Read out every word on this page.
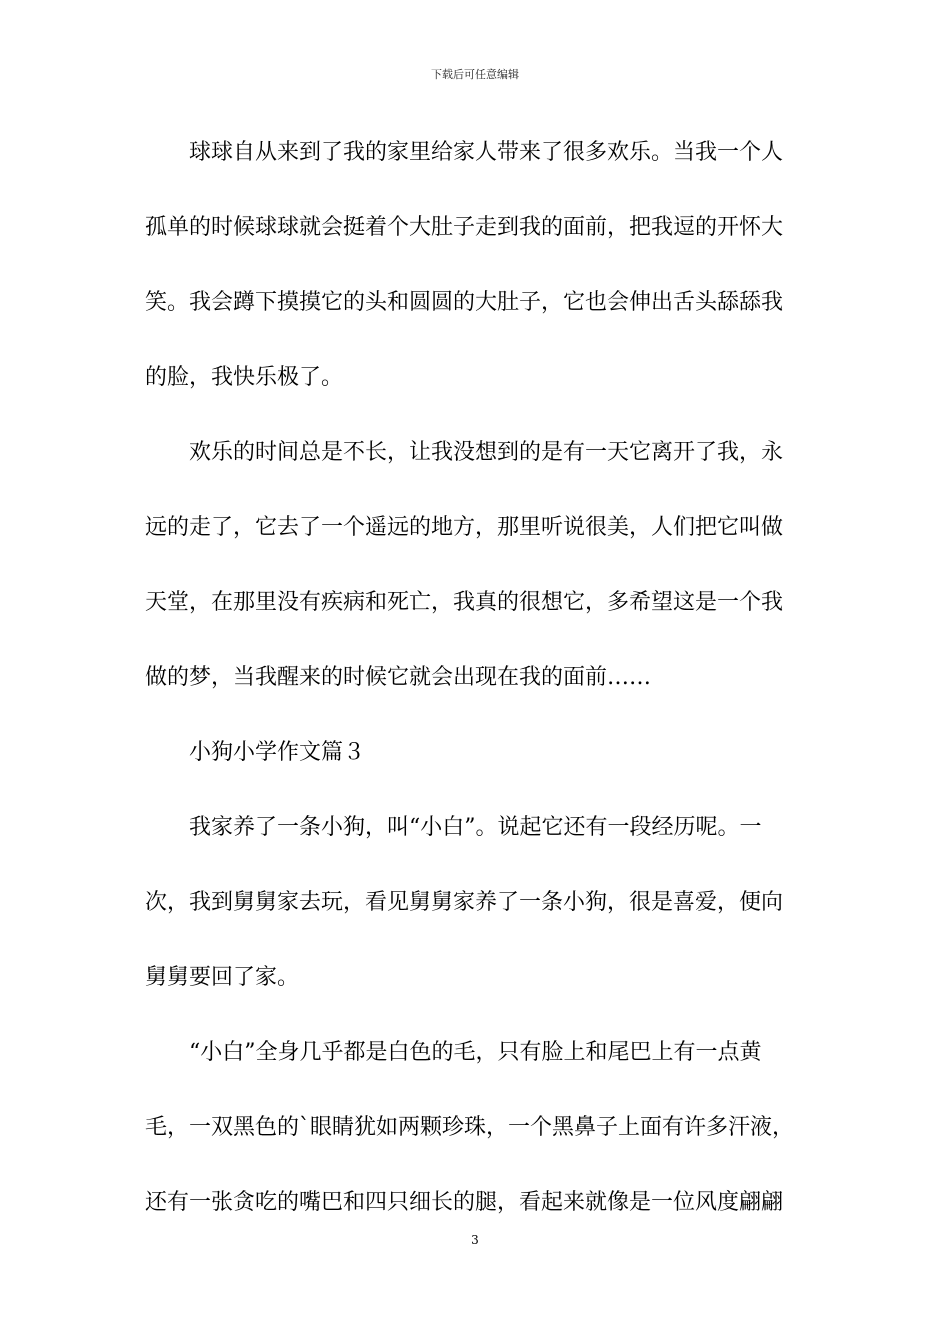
下载后可任意编辑
　　球球自从来到了我的家里给家人带来了很多欢乐。当我一个人
孤单的时候球球就会挺着个大肚子走到我的面前，把我逗的开怀大
笑。我会蹲下摸摸它的头和圆圆的大肚子，它也会伸出舌头舔舔我
的脸，我快乐极了。
　　欢乐的时间总是不长，让我没想到的是有一天它离开了我，永
远的走了，它去了一个遥远的地方，那里听说很美，人们把它叫做
天堂，在那里没有疾病和死亡，我真的很想它，多希望这是一个我
做的梦，当我醒来的时候它就会出现在我的面前……
　　小狗小学作文篇３
　　我家养了一条小狗，叫“小白”。说起它还有一段经历呢。一
次，我到舅舅家去玩，看见舅舅家养了一条小狗，很是喜爱，便向
舅舅要回了家。
　　“小白”全身几乎都是白色的毛，只有脸上和尾巴上有一点黄
毛，一双黑色的`眼睛犹如两颗珍珠，一个黑鼻子上面有许多汗液，
还有一张贪吃的嘴巴和四只细长的腿，看起来就像是一位风度翩翩
3
